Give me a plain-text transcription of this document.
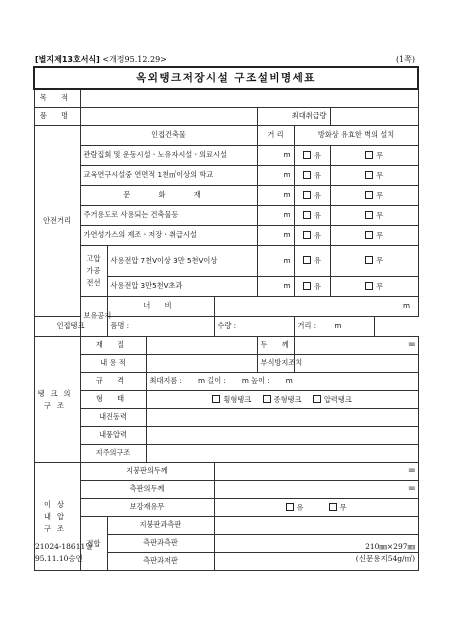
[별지제13호서식] <개정95.12.29>	(1쪽)
옥외탱크저장시설 구조설비명세표							
목 적							
품 명					최대취급량		
안전거리	인접건축물				거 리	방화상 유효한 벽의 설치	
	관람집회 및 운동시설ㆍ노유자시설ㆍ의료시설				m	유	무
	교육연구시설중 연면적 1천㎡이상의 학교				m	유	무
	문 화 재				m	유	무
	주거용도로 사용되는 건축물등				m	유	무
	가연성가스의 제조ㆍ저장ㆍ취급시설				m	유	무
	고압가공전선	사용전압 7천V이상 3만 5천V이상			m	유	무
		사용전압 3만5천V초과			m	유	무
	보유공지	너 비		m			
인접탱크		품명 :		수량 :		거리 : m	
탱크의 구조	재 질				두 께	㎜	
	내 용 적				부식방지조치		
	규 격		최대지름 : m 길이 : m 높이 : m				
	형 태		횡형탱크 종형탱크 압력탱크				
	내진동력						
	내풍압력						
	지주의구조						
이상 내압 구조	지붕판의두께			㎜			
	측판의두께			㎜			
	보강재유무			유 무			
	접합	지붕판과측판					
		측판과측판					
		측판과저판					
21024-18611일
95.11.10승인
210㎜×297㎜
(신문용지54g/㎡)
